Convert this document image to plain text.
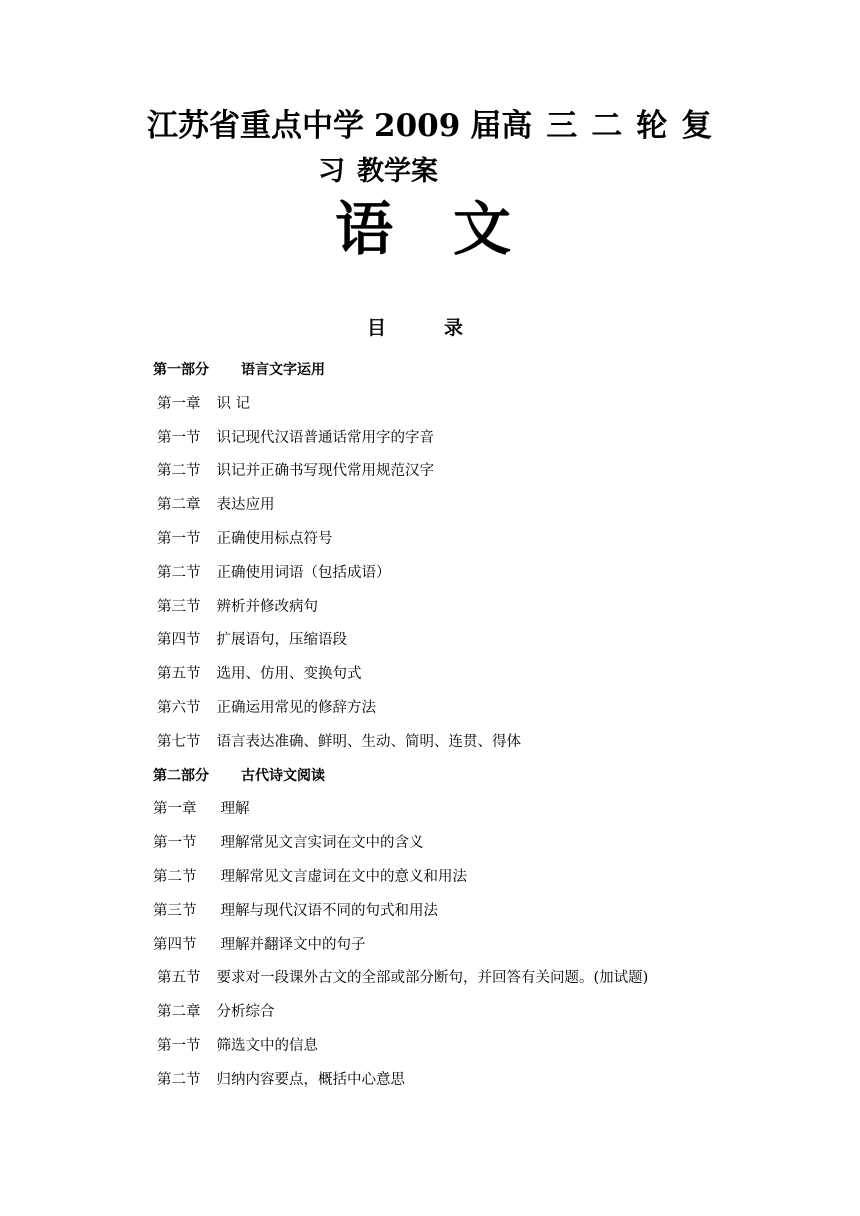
江苏省重点中学 2009 届高 三 二 轮 复
习 教学案
语 文
目	录
第一部分 语言文字运用
第一章 识 记
第一节 识记现代汉语普通话常用字的字音
第二节 识记并正确书写现代常用规范汉字
第二章 表达应用
第一节 正确使用标点符号
第二节 正确使用词语（包括成语）
第三节 辨析并修改病句
第四节 扩展语句，压缩语段
第五节 选用、仿用、变换句式
第六节 正确运用常见的修辞方法
第七节 语言表达准确、鲜明、生动、简明、连贯、得体
第二部分 古代诗文阅读
第一章 理解
第一节 理解常见文言实词在文中的含义
第二节 理解常见文言虚词在文中的意义和用法
第三节 理解与现代汉语不同的句式和用法
第四节 理解并翻译文中的句子
第五节 要求对一段课外古文的全部或部分断句，并回答有关问题。(加试题)
第二章 分析综合
第一节 筛选文中的信息
第二节 归纳内容要点，概括中心意思
